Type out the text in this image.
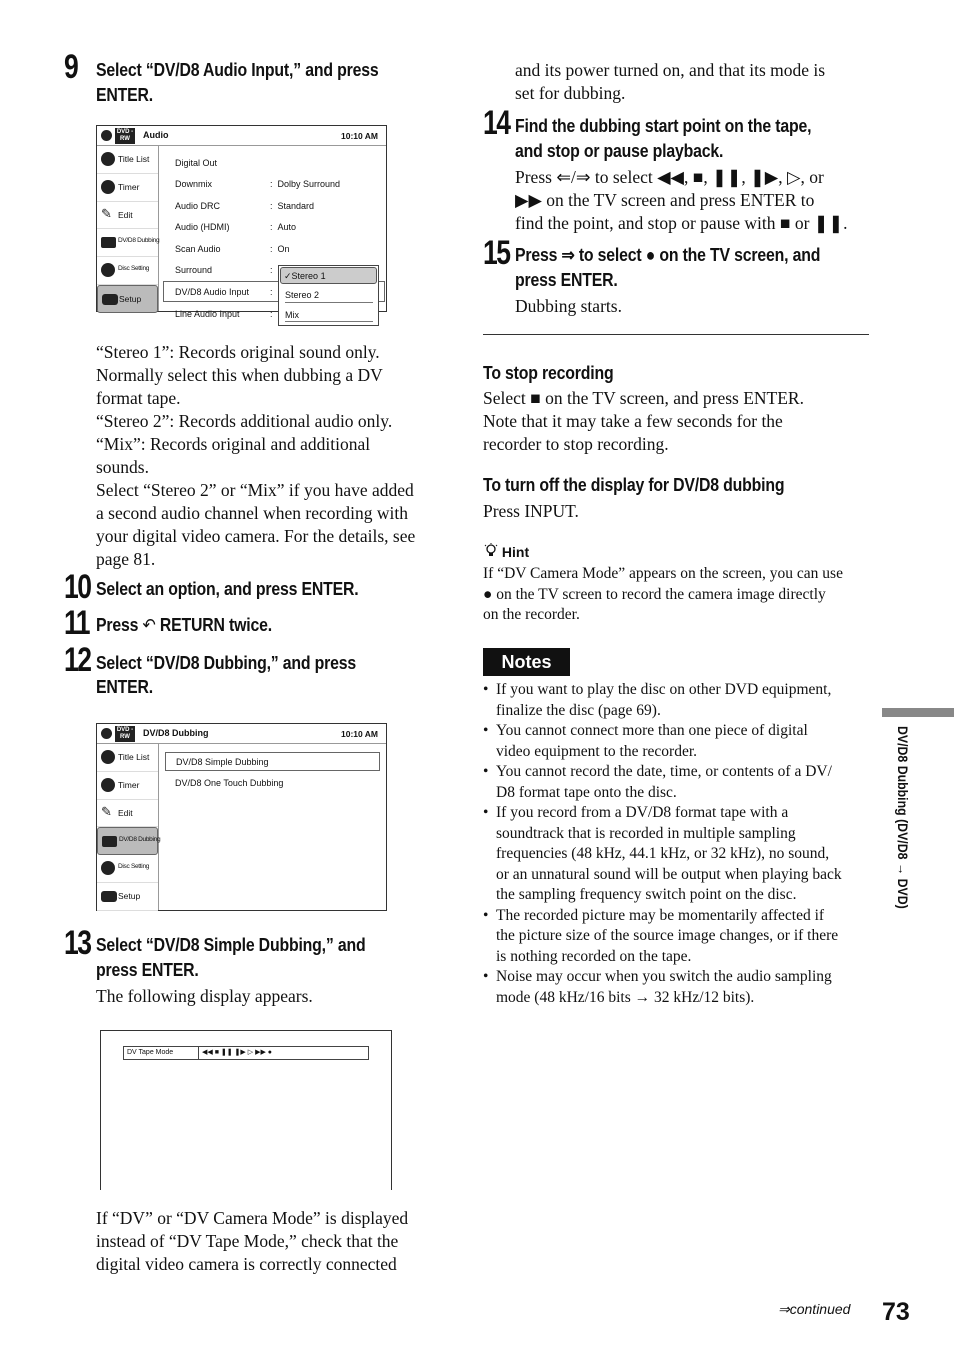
9 Select “DV/D8 Audio Input,” and press
ENTER.
DVD -RW	Audio	10:10 AM
Title List
Timer
✎ Edit
DV/D8 Dubbing
Disc Setting
Setup
Digital Out
Downmix	:  Dolby Surround
Audio DRC	:  Standard
Audio (HDMI)	:  Auto
Scan Audio	:  On
Surround	:
DV/D8 Audio Input :
Line Audio Input	:
✓Stereo 1
Stereo 2
Mix
“Stereo 1”: Records original sound only.
Normally select this when dubbing a DV
format tape.
“Stereo 2”: Records additional audio only.
“Mix”: Records original and additional
sounds.
Select “Stereo 2” or “Mix” if you have added
a second audio channel when recording with
your digital video camera. For the details, see
page 81.
10 Select an option, and press ENTER.
11 Press ↶ RETURN twice.
12 Select “DV/D8 Dubbing,” and press
ENTER.
DVD -RW	DV/D8 Dubbing	10:10 AM
Title List
Timer
✎ Edit
DV/D8 Dubbing
Disc Setting
Setup
DV/D8 Simple Dubbing
DV/D8 One Touch Dubbing
13 Select “DV/D8 Simple Dubbing,” and
press ENTER.
The following display appears.
DV Tape Mode	◀◀ ■ ❚❚ ❚▶ ▷ ▶▶ ●
If “DV” or “DV Camera Mode” is displayed
instead of “DV Tape Mode,” check that the
digital video camera is correctly connected
and its power turned on, and that its mode is
set for dubbing.
14 Find the dubbing start point on the tape,
and stop or pause playback.
Press ⇐/⇒ to select ◀◀, ■, ❚❚, ❚▶, ▷, or
▶▶ on the TV screen and press ENTER to
find the point, and stop or pause with ■ or ❚❚.
15 Press ⇒ to select ● on the TV screen, and
press ENTER.
Dubbing starts.
To stop recording
Select ■ on the TV screen, and press ENTER.
Note that it may take a few seconds for the
recorder to stop recording.
To turn off the display for DV/D8 dubbing
Press INPUT.
Hint
If “DV Camera Mode” appears on the screen, you can use
● on the TV screen to record the camera image directly
on the recorder.
Notes
• If you want to play the disc on other DVD equipment,
finalize the disc (page 69).
• You cannot connect more than one piece of digital
video equipment to the recorder.
• You cannot record the date, time, or contents of a DV/
D8 format tape onto the disc.
• If you record from a DV/D8 format tape with a
soundtrack that is recorded in multiple sampling
frequencies (48 kHz, 44.1 kHz, or 32 kHz), no sound,
or an unnatural sound will be output when playing back
the sampling frequency switch point on the disc.
• The recorded picture may be momentarily affected if
the picture size of the source image changes, or if there
is nothing recorded on the tape.
• Noise may occur when you switch the audio sampling
mode (48 kHz/16 bits → 32 kHz/12 bits).
DV/D8 Dubbing (DV/D8 → DVD)
⇒continued 73
